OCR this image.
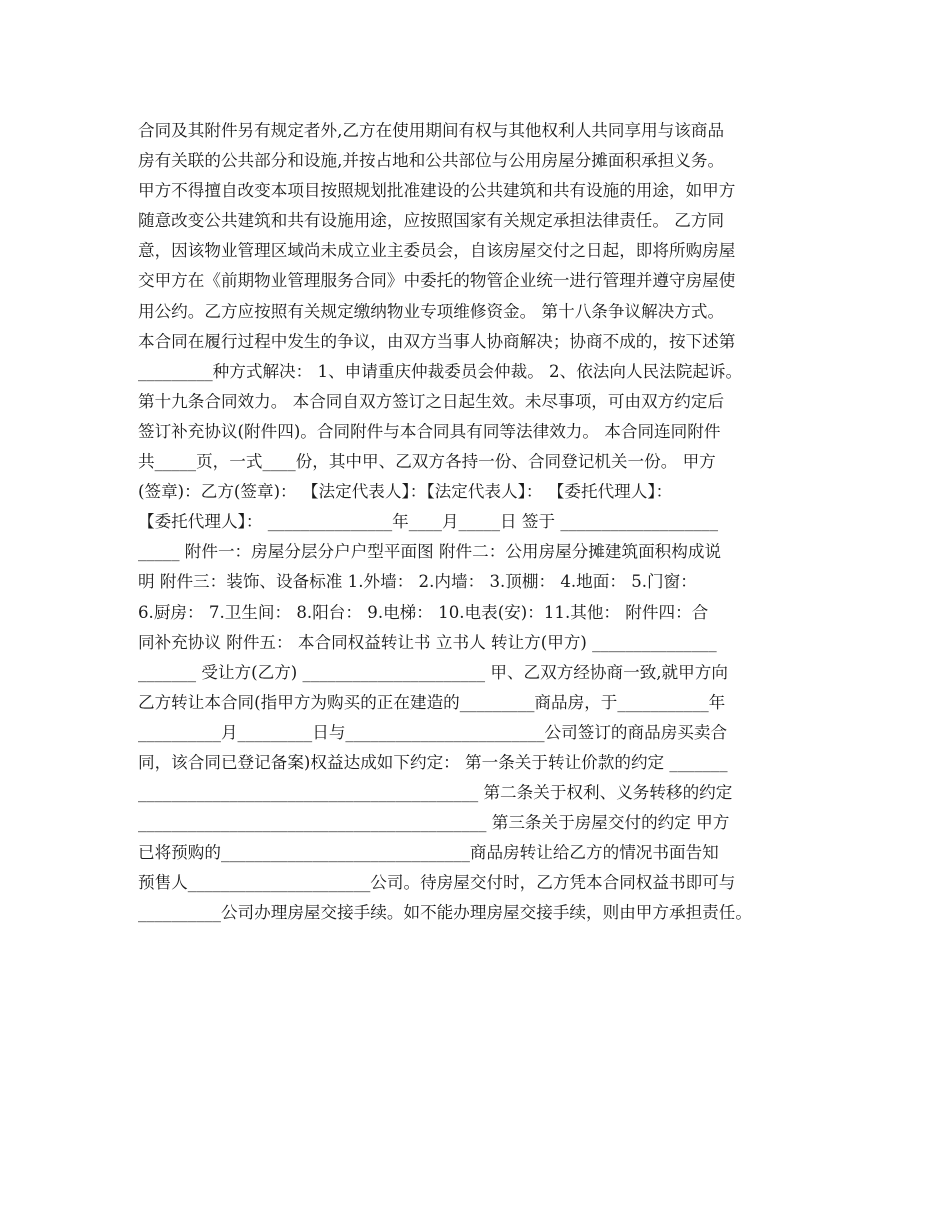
合同及其附件另有规定者外,乙方在使用期间有权与其他权利人共同享用与该商品
房有关联的公共部分和设施,并按占地和公共部位与公用房屋分摊面积承担义务。
甲方不得擅自改变本项目按照规划批准建设的公共建筑和共有设施的用途，如甲方
随意改变公共建筑和共有设施用途，应按照国家有关规定承担法律责任。 乙方同
意，因该物业管理区域尚未成立业主委员会，自该房屋交付之日起，即将所购房屋
交甲方在《前期物业管理服务合同》中委托的物管企业统一进行管理并遵守房屋使
用公约。乙方应按照有关规定缴纳物业专项维修资金。 第十八条争议解决方式。
本合同在履行过程中发生的争议，由双方当事人协商解决；协商不成的，按下述第
_________种方式解决： 1、申请重庆仲裁委员会仲裁。 2、依法向人民法院起诉。
第十九条合同效力。 本合同自双方签订之日起生效。未尽事项，可由双方约定后
签订补充协议(附件四)。合同附件与本合同具有同等法律效力。 本合同连同附件
共_____页，一式____份，其中甲、乙双方各持一份、合同登记机关一份。 甲方
(签章)：乙方(签章)： 【法定代表人】：【法定代表人】： 【委托代理人】：
【委托代理人】： _______________年____月_____日 签于 ___________________
_____ 附件一：房屋分层分户户型平面图 附件二：公用房屋分摊建筑面积构成说
明 附件三：装饰、设备标准 1.外墙： 2.内墙： 3.顶棚： 4.地面： 5.门窗：
6.厨房： 7.卫生间： 8.阳台： 9.电梯： 10.电表(安)：11.其他： 附件四：合
同补充协议 附件五： 本合同权益转让书 立书人 转让方(甲方) _______________
_______ 受让方(乙方) ______________________ 甲、乙双方经协商一致,就甲方向
乙方转让本合同(指甲方为购买的正在建造的_________商品房，于___________年
__________月_________日与________________________公司签订的商品房买卖合
同，该合同已登记备案)权益达成如下约定： 第一条关于转让价款的约定 _______
_________________________________________ 第二条关于权利、义务转移的约定
__________________________________________ 第三条关于房屋交付的约定 甲方
已将预购的______________________________商品房转让给乙方的情况书面告知
预售人______________________公司。待房屋交付时，乙方凭本合同权益书即可与
__________公司办理房屋交接手续。如不能办理房屋交接手续，则由甲方承担责任。
